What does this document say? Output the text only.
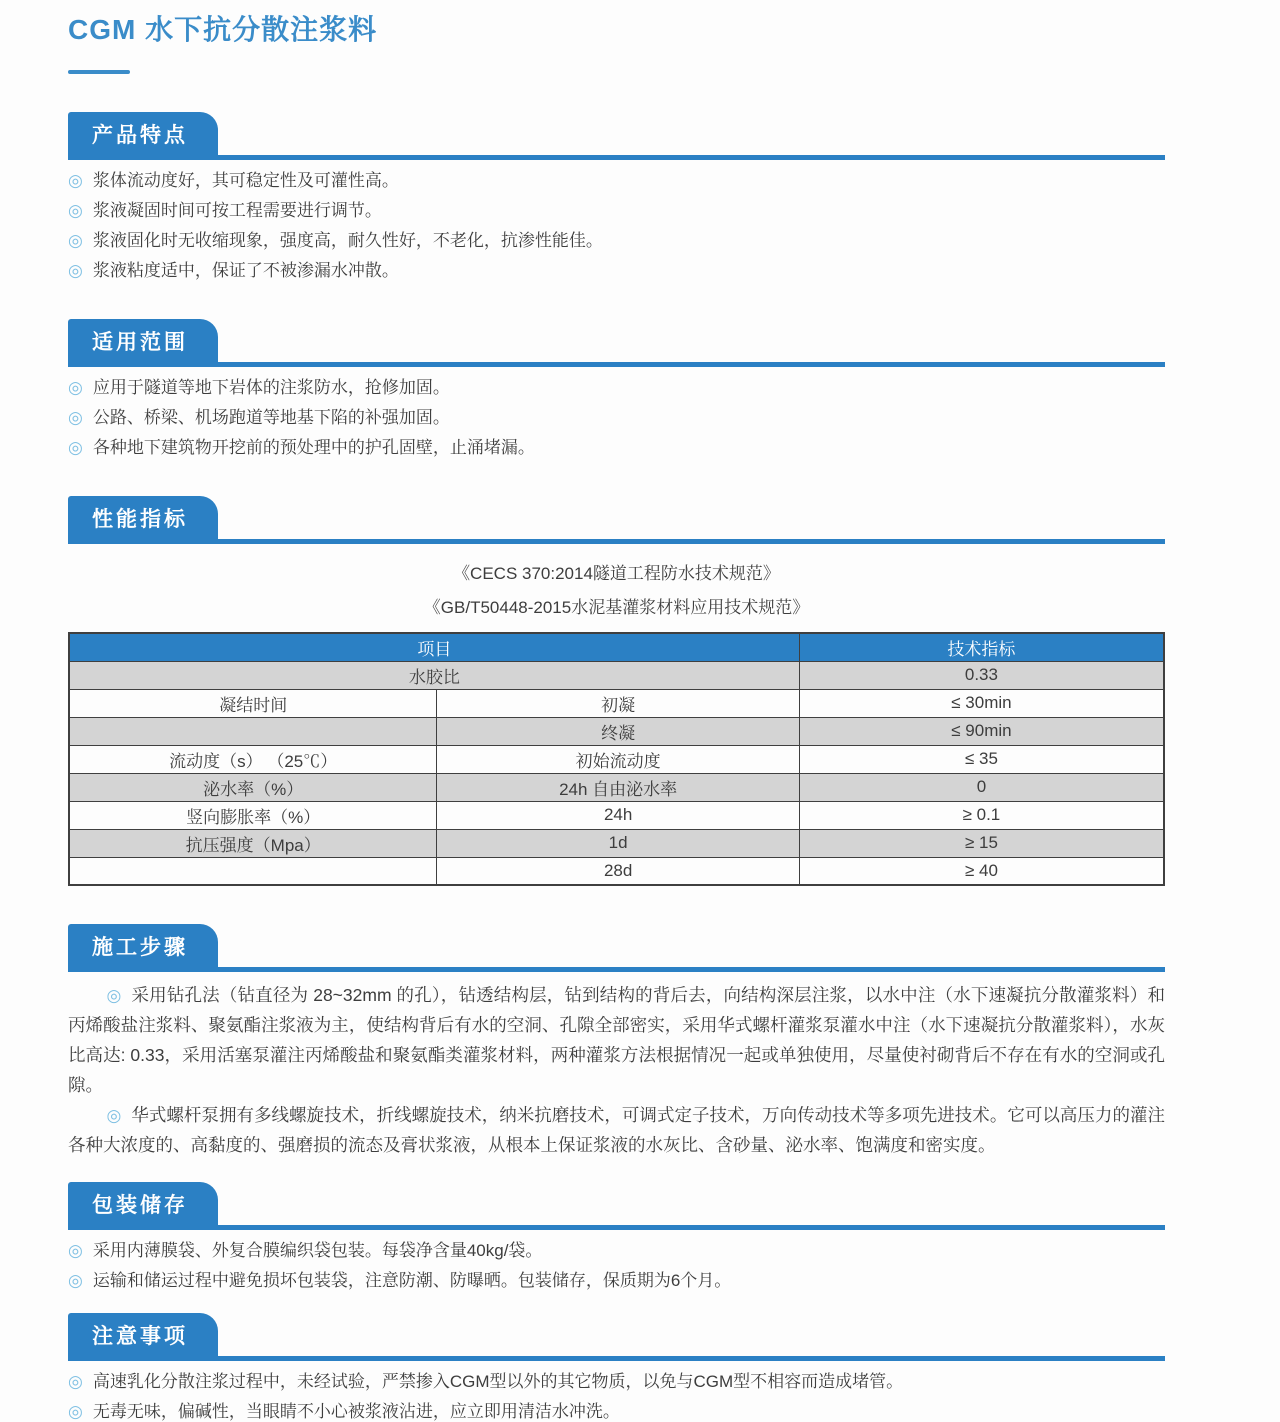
CGM 水下抗分散注浆料
产品特点
◎ 浆体流动度好，其可稳定性及可灌性高。
◎ 浆液凝固时间可按工程需要进行调节。
◎ 浆液固化时无收缩现象，强度高，耐久性好，不老化，抗渗性能佳。
◎ 浆液粘度适中，保证了不被渗漏水冲散。
适用范围
◎ 应用于隧道等地下岩体的注浆防水，抢修加固。
◎ 公路、桥梁、机场跑道等地基下陷的补强加固。
◎ 各种地下建筑物开挖前的预处理中的护孔固壁，止涌堵漏。
性能指标

《CECS 370:2014隧道工程防水技术规范》

《GB/T50448-2015水泥基灌浆材料应用技术规范》

项目		技术指标
水胶比		0.33
凝结时间	初凝	≤ 30min
	终凝	≤ 90min
流动度（s） （25℃）	初始流动度	≤ 35
泌水率（%）	24h 自由泌水率	0
竖向膨胀率（%）	24h	≥ 0.1
抗压强度（Mpa）	1d	≥ 15
	28d	≥ 40
施工步骤

◎ 采用钻孔法（钻直径为 28~32mm 的孔），钻透结构层，钻到结构的背后去，向结构深层注浆，以水中注（水下速凝抗分散灌浆料）和丙烯酸盐注浆料、聚氨酯注浆液为主，使结构背后有水的空洞、孔隙全部密实，采用华式螺杆灌浆泵灌水中注（水下速凝抗分散灌浆料），水灰比高达: 0.33，采用活塞泵灌注丙烯酸盐和聚氨酯类灌浆材料，两种灌浆方法根据情况一起或单独使用，尽量使衬砌背后不存在有水的空洞或孔隙。

◎ 华式螺杆泵拥有多线螺旋技术，折线螺旋技术，纳米抗磨技术，可调式定子技术，万向传动技术等多项先进技术。它可以高压力的灌注各种大浓度的、高黏度的、强磨损的流态及膏状浆液，从根本上保证浆液的水灰比、含砂量、泌水率、饱满度和密实度。

包装储存
◎ 采用内薄膜袋、外复合膜编织袋包装。每袋净含量40kg/袋。
◎ 运输和储运过程中避免损坏包装袋，注意防潮、防曝晒。包装储存，保质期为6个月。
注意事项
◎ 高速乳化分散注浆过程中，未经试验，严禁掺入CGM型以外的其它物质，以免与CGM型不相容而造成堵管。
◎ 无毒无味，偏碱性，当眼睛不小心被浆液沾进，应立即用清洁水冲洗。
